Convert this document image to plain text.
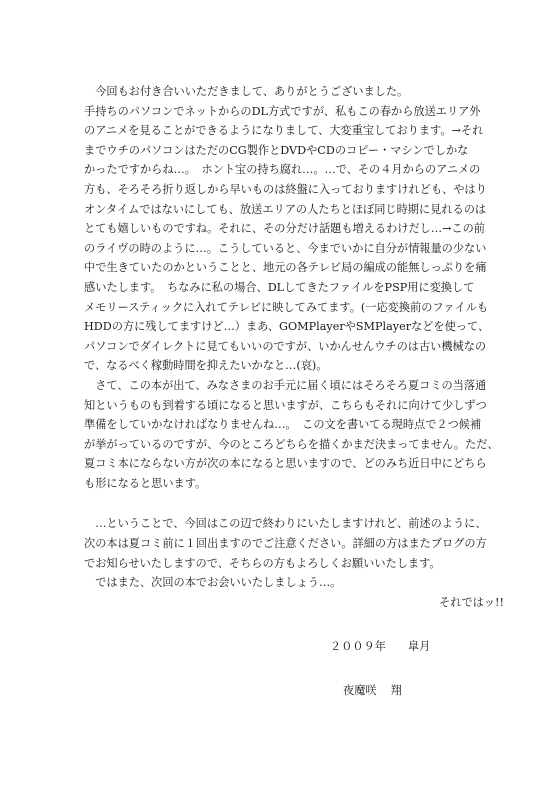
　今回もお付き合いいただきまして、ありがとうございました。
手持ちのパソコンでネットからのDL方式ですが、私もこの春から放送エリア外
のアニメを見ることができるようになりまして、大変重宝しております。→それ
までウチのパソコンはただのCG製作とDVDやCDのコピー・マシンでしかな
かったですからね…。　ホント宝の持ち腐れ…。…で、その４月からのアニメの
方も、そろそろ折り返しから早いものは終盤に入っておりますけれども、やはり
オンタイムではないにしても、放送エリアの人たちとほぼ同じ時期に見れるのは
とても嬉しいものですね。それに、その分だけ話題も増えるわけだし…→この前
のライヴの時のように…。こうしていると、今までいかに自分が情報量の少ない
中で生きていたのかということと、地元の各テレビ局の編成の能無しっぷりを痛
感いたします。　ちなみに私の場合、DLしてきたファイルをPSP用に変換して
メモリースティックに入れてテレビに映してみてます。(一応変換前のファイルも
HDDの方に残してますけど…）まあ、GOMPlayerやSMPlayerなどを使って、
パソコンでダイレクトに見てもいいのですが、いかんせんウチのは古い機械なの
で、なるべく稼動時間を抑えたいかなと…(哀)。
　さて、この本が出て、みなさまのお手元に届く頃にはそろそろ夏コミの当落通
知というものも到着する頃になると思いますが、こちらもそれに向けて少しずつ
準備をしていかなければなりませんね…。　この文を書いてる現時点で２つ候補
が挙がっているのですが、今のところどちらを描くかまだ決まってません。ただ、
夏コミ本にならない方が次の本になると思いますので、どのみち近日中にどちら
も形になると思います。
　…ということで、今回はこの辺で終わりにいたしますけれど、前述のように、
次の本は夏コミ前に１回出ますのでご注意ください。詳細の方はまたブログの方
でお知らせいたしますので、そちらの方もよろしくお願いいたします。
　ではまた、次回の本でお会いいたしましょう…。
それではッ!!
２００９年 皐月
夜魔咲 翔
